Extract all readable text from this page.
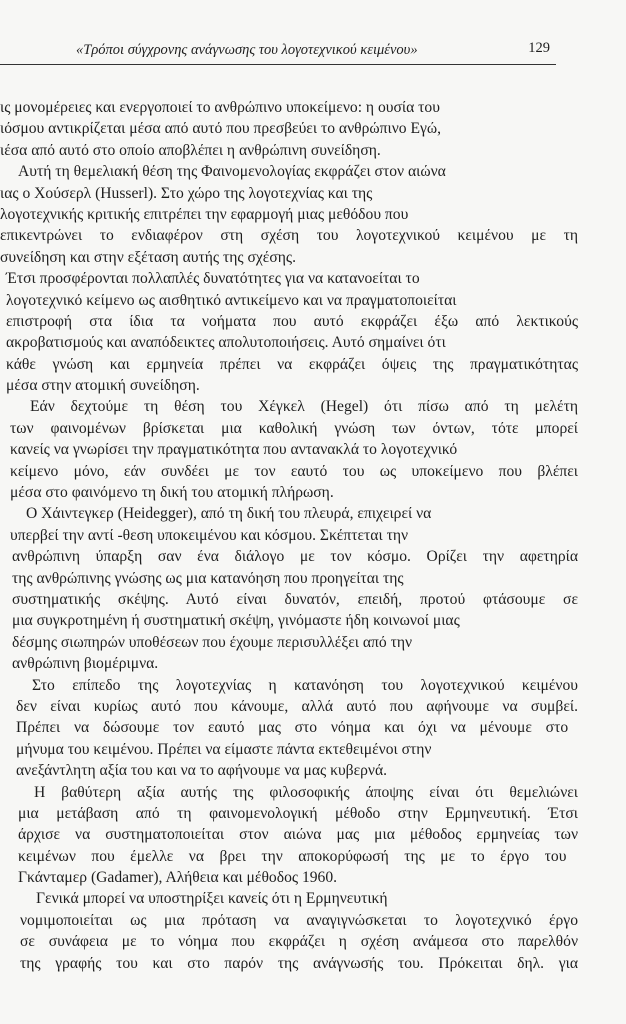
«Τρόποι σύγχρονης ανάγνωσης του λογοτεχνικού κειμένου»	129
ις μονομέρειες και ενεργοποιεί το ανθρώπινο υποκείμενο: η ουσία του
ιόσμου αντικρίζεται μέσα από αυτό που πρεσβεύει το ανθρώπινο Εγώ,
ιέσα από αυτό στο οποίο αποβλέπει η ανθρώπινη συνείδηση.
Αυτή τη θεμελιακή θέση της Φαινομενολογίας εκφράζει στον αιώνα
ιας ο Χούσερλ (Husserl). Στο χώρο της λογοτεχνίας και της
λογοτεχνικής κριτικής επιτρέπει την εφαρμογή μιας μεθόδου που
επικεντρώνει το ενδιαφέρον στη σχέση του λογοτεχνικού κειμένου με τη
συνείδηση και στην εξέταση αυτής της σχέσης.
Έτσι προσφέρονται πολλαπλές δυνατότητες για να κατανοείται το
λογοτεχνικό κείμενο ως αισθητικό αντικείμενο και να πραγματοποιείται
επιστροφή στα ίδια τα νοήματα που αυτό εκφράζει έξω από λεκτικούς
ακροβατισμούς και αναπόδεικτες απολυτοποιήσεις. Αυτό σημαίνει ότι
κάθε γνώση και ερμηνεία πρέπει να εκφράζει όψεις της πραγματικότητας
μέσα στην ατομική συνείδηση.
Εάν δεχτούμε τη θέση του Χέγκελ (Hegel) ότι πίσω από τη μελέτη
των φαινομένων βρίσκεται μια καθολική γνώση των όντων, τότε μπορεί
κανείς να γνωρίσει την πραγματικότητα που αντανακλά το λογοτεχνικό
κείμενο μόνο, εάν συνδέει με τον εαυτό του ως υποκείμενο που βλέπει
μέσα στο φαινόμενο τη δική του ατομική πλήρωση.
Ο Χάιντεγκερ (Heidegger), από τη δική του πλευρά, επιχειρεί να
υπερβεί την αντί -θεση υποκειμένου και κόσμου. Σκέπτεται την
ανθρώπινη ύπαρξη σαν ένα διάλογο με τον κόσμο. Ορίζει την αφετηρία
της ανθρώπινης γνώσης ως μια κατανόηση που προηγείται της
συστηματικής σκέψης. Αυτό είναι δυνατόν, επειδή, προτού φτάσουμε σε
μια συγκροτημένη ή συστηματική σκέψη, γινόμαστε ήδη κοινωνοί μιας
δέσμης σιωπηρών υποθέσεων που έχουμε περισυλλέξει από την
ανθρώπινη βιομέριμνα.
Στο επίπεδο της λογοτεχνίας η κατανόηση του λογοτεχνικού κειμένου
δεν είναι κυρίως αυτό που κάνουμε, αλλά αυτό που αφήνουμε να συμβεί.
Πρέπει να δώσουμε τον εαυτό μας στο νόημα και όχι να μένουμε στο
μήνυμα του κειμένου. Πρέπει να είμαστε πάντα εκτεθειμένοι στην
ανεξάντλητη αξία του και να το αφήνουμε να μας κυβερνά.
Η βαθύτερη αξία αυτής της φιλοσοφικής άποψης είναι ότι θεμελιώνει
μια μετάβαση από τη φαινομενολογική μέθοδο στην Ερμηνευτική. Έτσι
άρχισε να συστηματοποιείται στον αιώνα μας μια μέθοδος ερμηνείας των
κειμένων που έμελλε να βρει την αποκορύφωσή της με το έργο του
Γκάνταμερ (Gadamer), Αλήθεια και μέθοδος 1960.
Γενικά μπορεί να υποστηρίξει κανείς ότι η Ερμηνευτική
νομιμοποιείται ως μια πρόταση να αναγιγνώσκεται το λογοτεχνικό έργο
σε συνάφεια με το νόημα που εκφράζει η σχέση ανάμεσα στο παρελθόν
της γραφής του και στο παρόν της ανάγνωσής του. Πρόκειται δηλ. για
